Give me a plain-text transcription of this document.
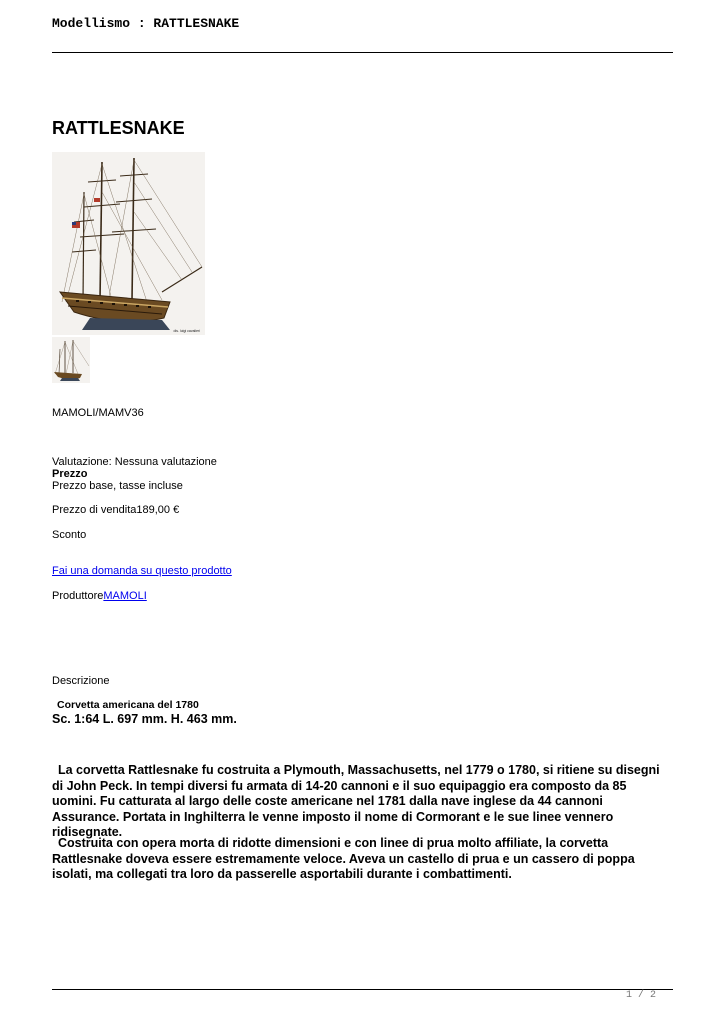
Modellismo : RATTLESNAKE
RATTLESNAKE
dis. luigi cavalieri
MAMOLI/MAMV36
Valutazione: Nessuna valutazione
Prezzo
Prezzo base, tasse incluse
Prezzo di vendita189,00 €
Sconto
Fai una domanda su questo prodotto
ProduttoreMAMOLI
Descrizione
Corvetta americana del 1780
Sc. 1:64 L. 697 mm. H. 463 mm.

La corvetta Rattlesnake fu costruita a Plymouth, Massachusetts, nel 1779 o 1780, si ritiene su disegni di John Peck. In tempi diversi fu armata di 14-20 cannoni e il suo equipaggio era composto da 85 uomini. Fu catturata al largo delle coste americane nel 1781 dalla nave inglese da 44 cannoni Assurance. Portata in Inghilterra le venne imposto il nome di Cormorant e le sue linee vennero ridisegnate.

Costruita con opera morta di ridotte dimensioni e con linee di prua molto affiliate, la corvetta Rattlesnake doveva essere estremamente veloce. Aveva un castello di prua e un cassero di poppa isolati, ma collegati tra loro da passerelle asportabili durante i combattimenti.

1 / 2
